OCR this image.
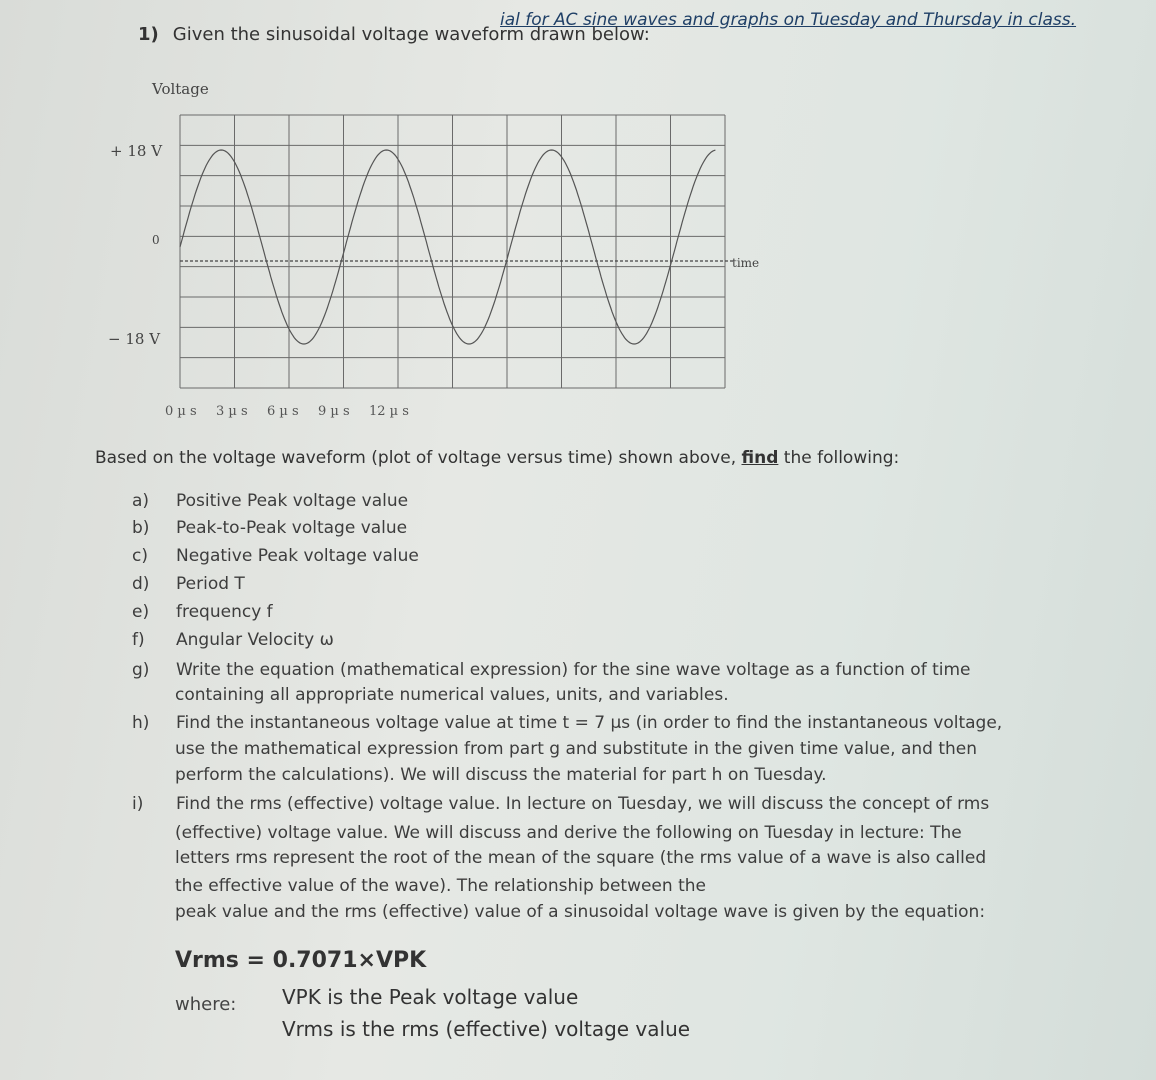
ial for AC sine waves and graphs on Tuesday and Thursday in class.
1) Given the sinusoidal voltage waveform drawn below:
Voltage
+ 18 V
0
− 18 V
time
0 µ s 3 µ s 6 µ s 9 µ s 12 µ s
Based on the voltage waveform (plot of voltage versus time) shown above, find the following:
a) Positive Peak voltage value
b) Peak-to-Peak voltage value
c) Negative Peak voltage value
d) Period T
e) frequency f
f) Angular Velocity ω
g) Write the equation (mathematical expression) for the sine wave voltage as a function of time
containing all appropriate numerical values, units, and variables.
h) Find the instantaneous voltage value at time t = 7 µs (in order to find the instantaneous voltage,
use the mathematical expression from part g and substitute in the given time value, and then
perform the calculations). We will discuss the material for part h on Tuesday.
i) Find the rms (effective) voltage value. In lecture on Tuesday, we will discuss the concept of rms
(effective) voltage value. We will discuss and derive the following on Tuesday in lecture: The
letters rms represent the root of the mean of the square (the rms value of a wave is also called
the effective value of the wave). The relationship between the
peak value and the rms (effective) value of a sinusoidal voltage wave is given by the equation:
Vrms = 0.7071×VPK
where: VPK is the Peak voltage value
Vrms is the rms (effective) voltage value
